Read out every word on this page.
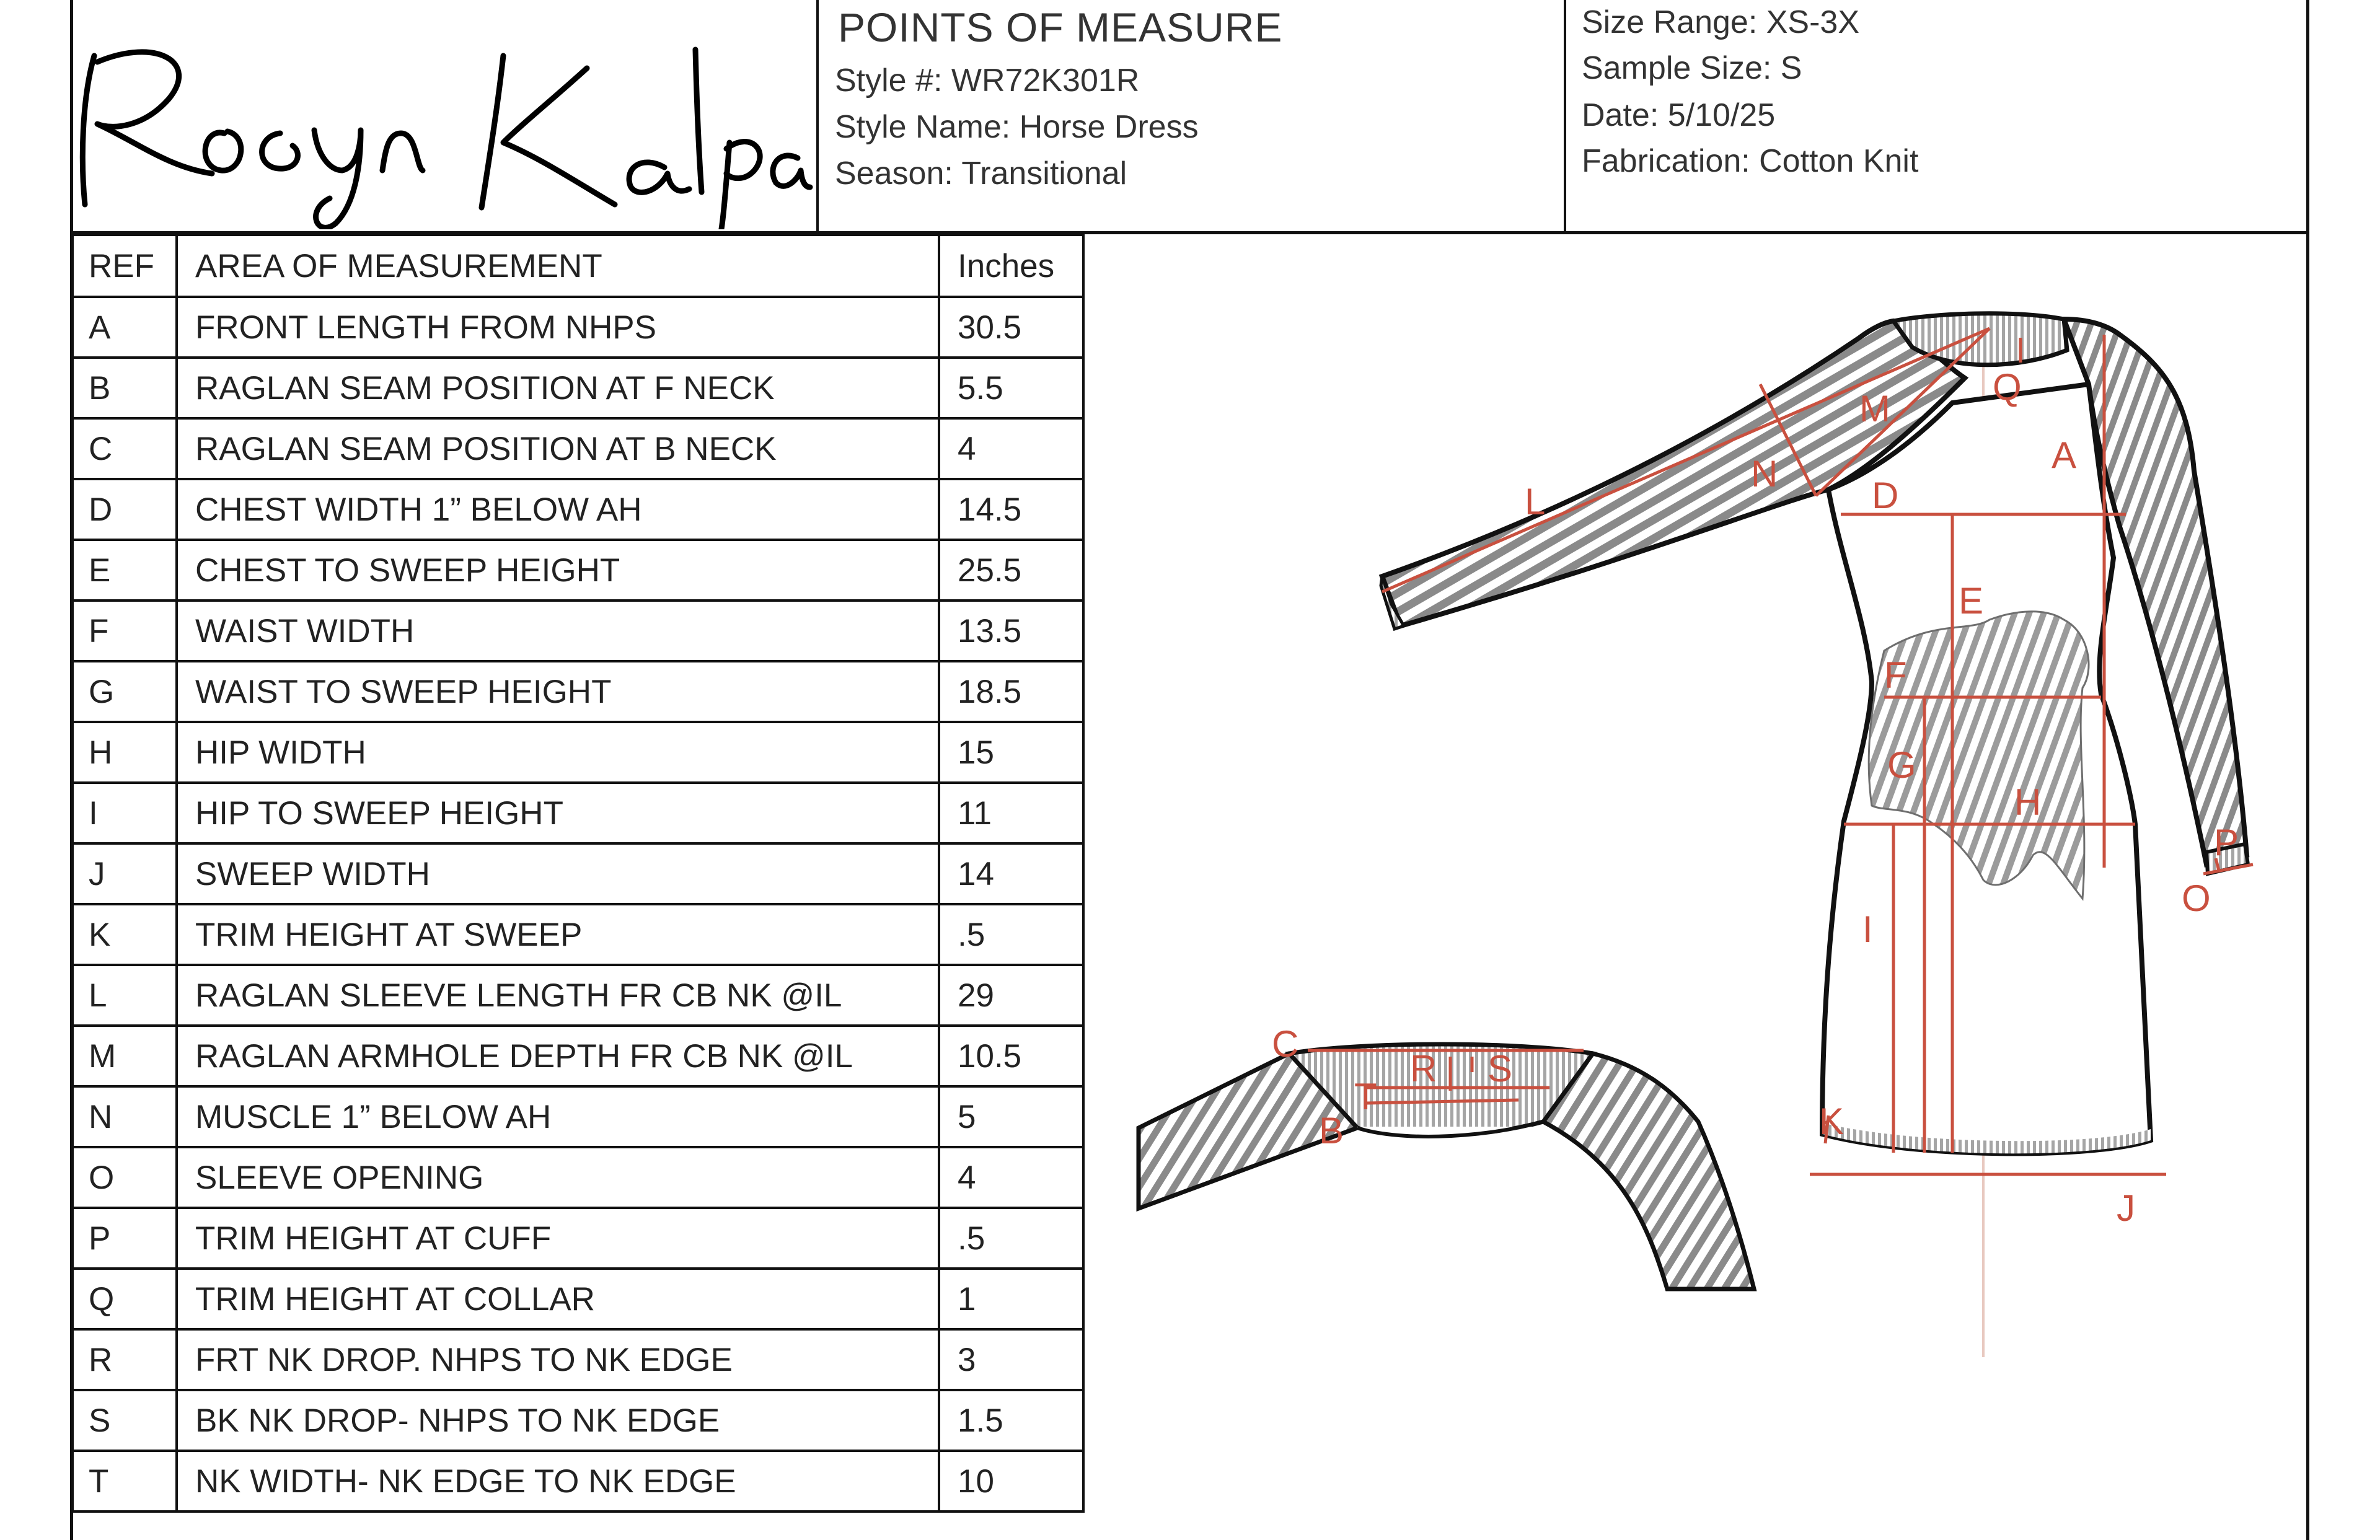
Roeyn Kalpac	POINTS OF MEASURE
Style #: WR72K301R
Style Name: Horse Dress
Season: Transitional
Size Range: XS-3X
Sample Size: S
Date: 5/10/25
Fabrication: Cotton Knit
REF	AREA OF MEASUREMENT	Inches
A	FRONT LENGTH FROM NHPS	30.5
B	RAGLAN SEAM POSITION AT F NECK	5.5
C	RAGLAN SEAM POSITION AT B NECK	4
D	CHEST WIDTH 1” BELOW AH	14.5
E	CHEST TO SWEEP HEIGHT	25.5
F	WAIST WIDTH	13.5
G	WAIST TO SWEEP HEIGHT	18.5
H	HIP WIDTH	15
I	HIP TO SWEEP HEIGHT	11
J	SWEEP WIDTH	14
K	TRIM HEIGHT AT SWEEP	.5
L	RAGLAN SLEEVE LENGTH FR CB NK @IL	29
M	RAGLAN ARMHOLE DEPTH FR CB NK @IL	10.5
N	MUSCLE 1” BELOW AH	5
O	SLEEVE OPENING	4
P	TRIM HEIGHT AT CUFF	.5
Q	TRIM HEIGHT AT COLLAR	1
R	FRT NK DROP. NHPS TO NK EDGE	3
S	BK NK DROP- NHPS TO NK EDGE	1.5
T	NK WIDTH- NK EDGE TO NK EDGE	10
A
B
C
D
E
F
G
H
I
J
K
L
M
N
O
P
Q
R S
T
